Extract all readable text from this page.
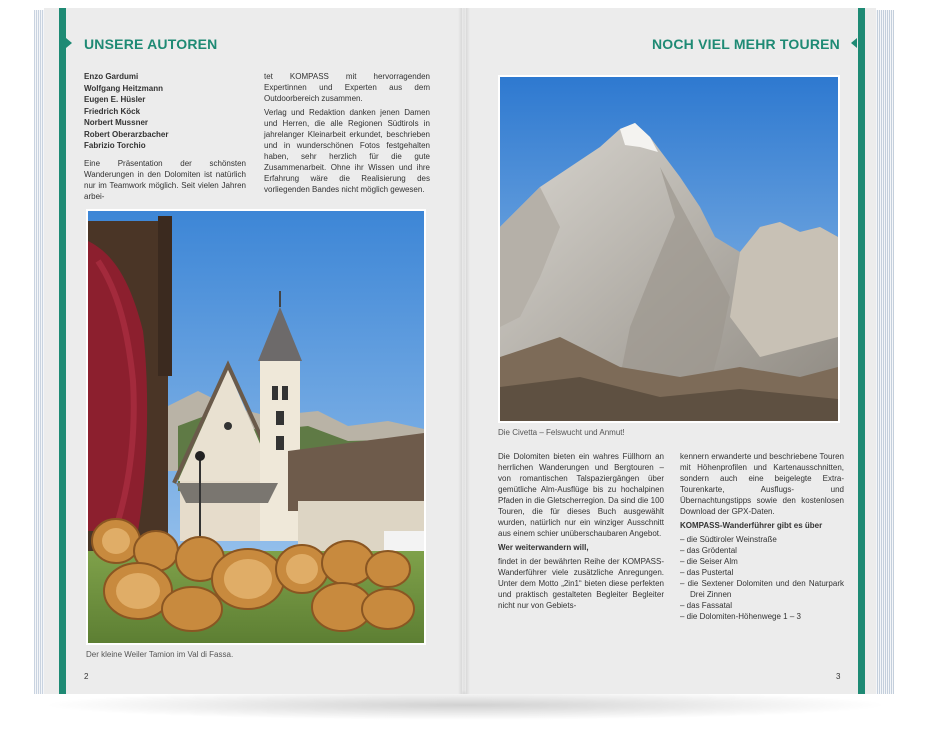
UNSERE AUTOREN	NOCH VIEL MEHR TOUREN
Enzo Gardumi
Wolfgang Heitzmann
Eugen E. Hüsler
Friedrich Köck
Norbert Mussner
Robert Oberarzbacher
Fabrizio Torchio
Eine Präsentation der schönsten Wanderungen in den Dolomiten ist natürlich nur im Teamwork möglich. Seit vielen Jahren arbei-

tet KOMPASS mit hervorragenden Expertinnen und Experten aus dem Outdoorbereich zusammen.

Verlag und Redaktion danken jenen Damen und Herren, die alle Regionen Südtirols in jahrelanger Kleinarbeit erkundet, beschrieben und in wunderschönen Fotos festgehalten haben, sehr herzlich für die gute Zusammenarbeit. Ohne ihr Wissen und ihre Erfahrung wäre die Realisierung des vorliegenden Bandes nicht möglich gewesen.

Der kleine Weiler Tamion im Val di Fassa.
2
Die Civetta – Felswucht und Anmut!

Die Dolomiten bieten ein wahres Füllhorn an herrlichen Wanderungen und Bergtouren – von romantischen Talspaziergängen über gemütliche Alm-Ausflüge bis zu hochalpinen Pfaden in die Gletscherregion. Da sind die 100 Touren, die für dieses Buch ausgewählt wurden, natürlich nur ein winziger Ausschnitt aus einem schier unüberschaubaren Angebot.

Wer weiterwandern will,

findet in der bewährten Reihe der KOMPASS-Wanderführer viele zusätzliche Anregungen. Unter dem Motto „2in1“ bieten diese perfekten und praktisch gestalteten Begleiter Begleiter nicht nur von Gebiets-

kennern erwanderte und beschriebene Touren mit Höhenprofilen und Kartenausschnitten, sondern auch eine beigelegte Extra-Tourenkarte, Ausflugs- und Übernachtungstipps sowie den kostenlosen Download der GPX-Daten.

KOMPASS-Wanderführer gibt es über

– die Südtiroler Weinstraße
– das Grödental
– die Seiser Alm
– das Pustertal
– die Sextener Dolomiten und den Naturpark Drei Zinnen
– das Fassatal
– die Dolomiten-Höhenwege 1 – 3
3
